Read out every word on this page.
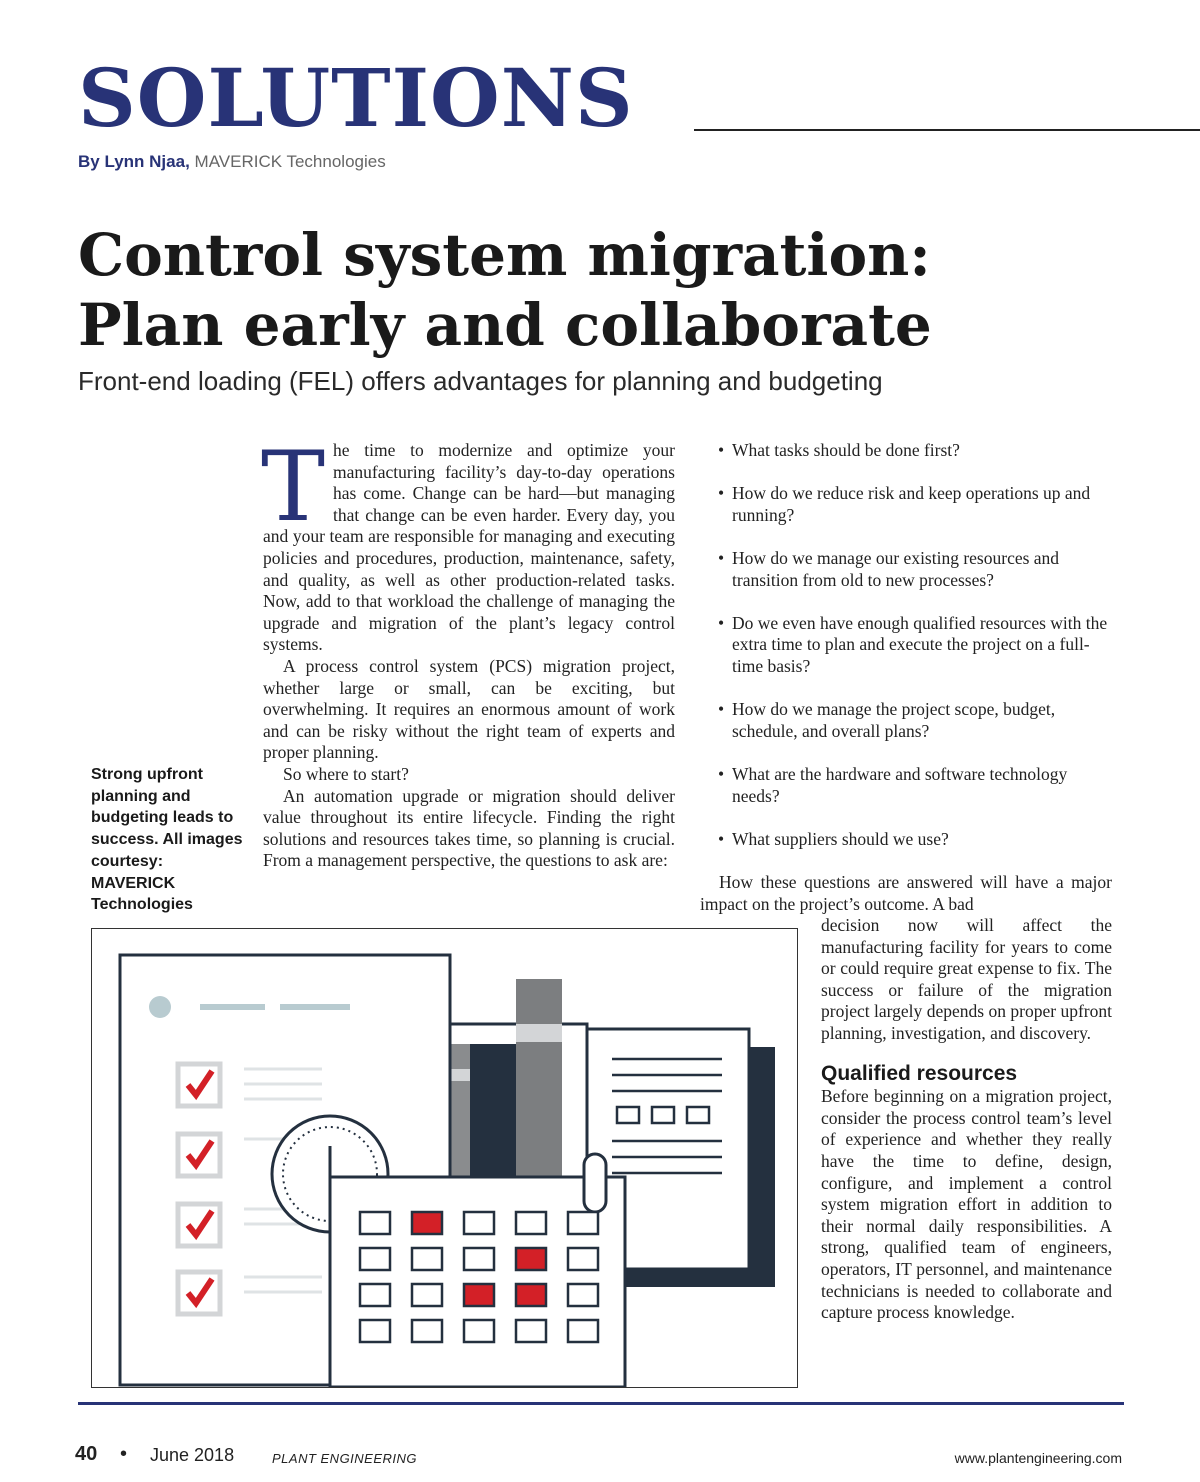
SOLUTIONS
By Lynn Njaa, MAVERICK Technologies
Control system migration:
Plan early and collaborate
Front-end loading (FEL) offers advantages for planning and budgeting

The time to modernize and optimize your manufacturing facility’s day-to-day operations has come. Change can be hard—but managing that change can be even harder. Every day, you and your team are responsible for managing and executing policies and procedures, production, maintenance, safety, and quality, as well as other production-related tasks. Now, add to that workload the challenge of managing the upgrade and migration of the plant’s legacy control systems.

A process control system (PCS) migration project, whether large or small, can be exciting, but overwhelming. It requires an enormous amount of work and can be risky without the right team of experts and proper planning.

So where to start?

An automation upgrade or migration should deliver value throughout its entire lifecycle. Finding the right solutions and resources takes time, so planning is crucial. From a management perspective, the questions to ask are:

• What tasks should be done first?
• How do we reduce risk and keep operations up and running?
• How do we manage our existing resources and transition from old to new processes?
• Do we even have enough qualified resources with the extra time to plan and execute the project on a full-time basis?
• How do we manage the project scope, budget, schedule, and overall plans?
• What are the hardware and software technology needs?
• What suppliers should we use?
How these questions are answered will have a major impact on the project’s outcome. A bad

decision now will affect the manufacturing facility for years to come or could require great expense to fix. The success or failure of the migration project largely depends on proper upfront planning, investigation, and discovery.

Qualified resources

Before beginning on a migration project, consider the process control team’s level of experience and whether they really have the time to define, design, configure, and implement a control system migration effort in addition to their normal daily responsibilities. A strong, qualified team of engineers, operators, IT personnel, and maintenance technicians is needed to collaborate and capture process knowledge.

Strong upfront planning and budgeting leads to success. All images courtesy: MAVERICK Technologies
40 • June 2018	PLANT ENGINEERING	www.plantengineering.com
